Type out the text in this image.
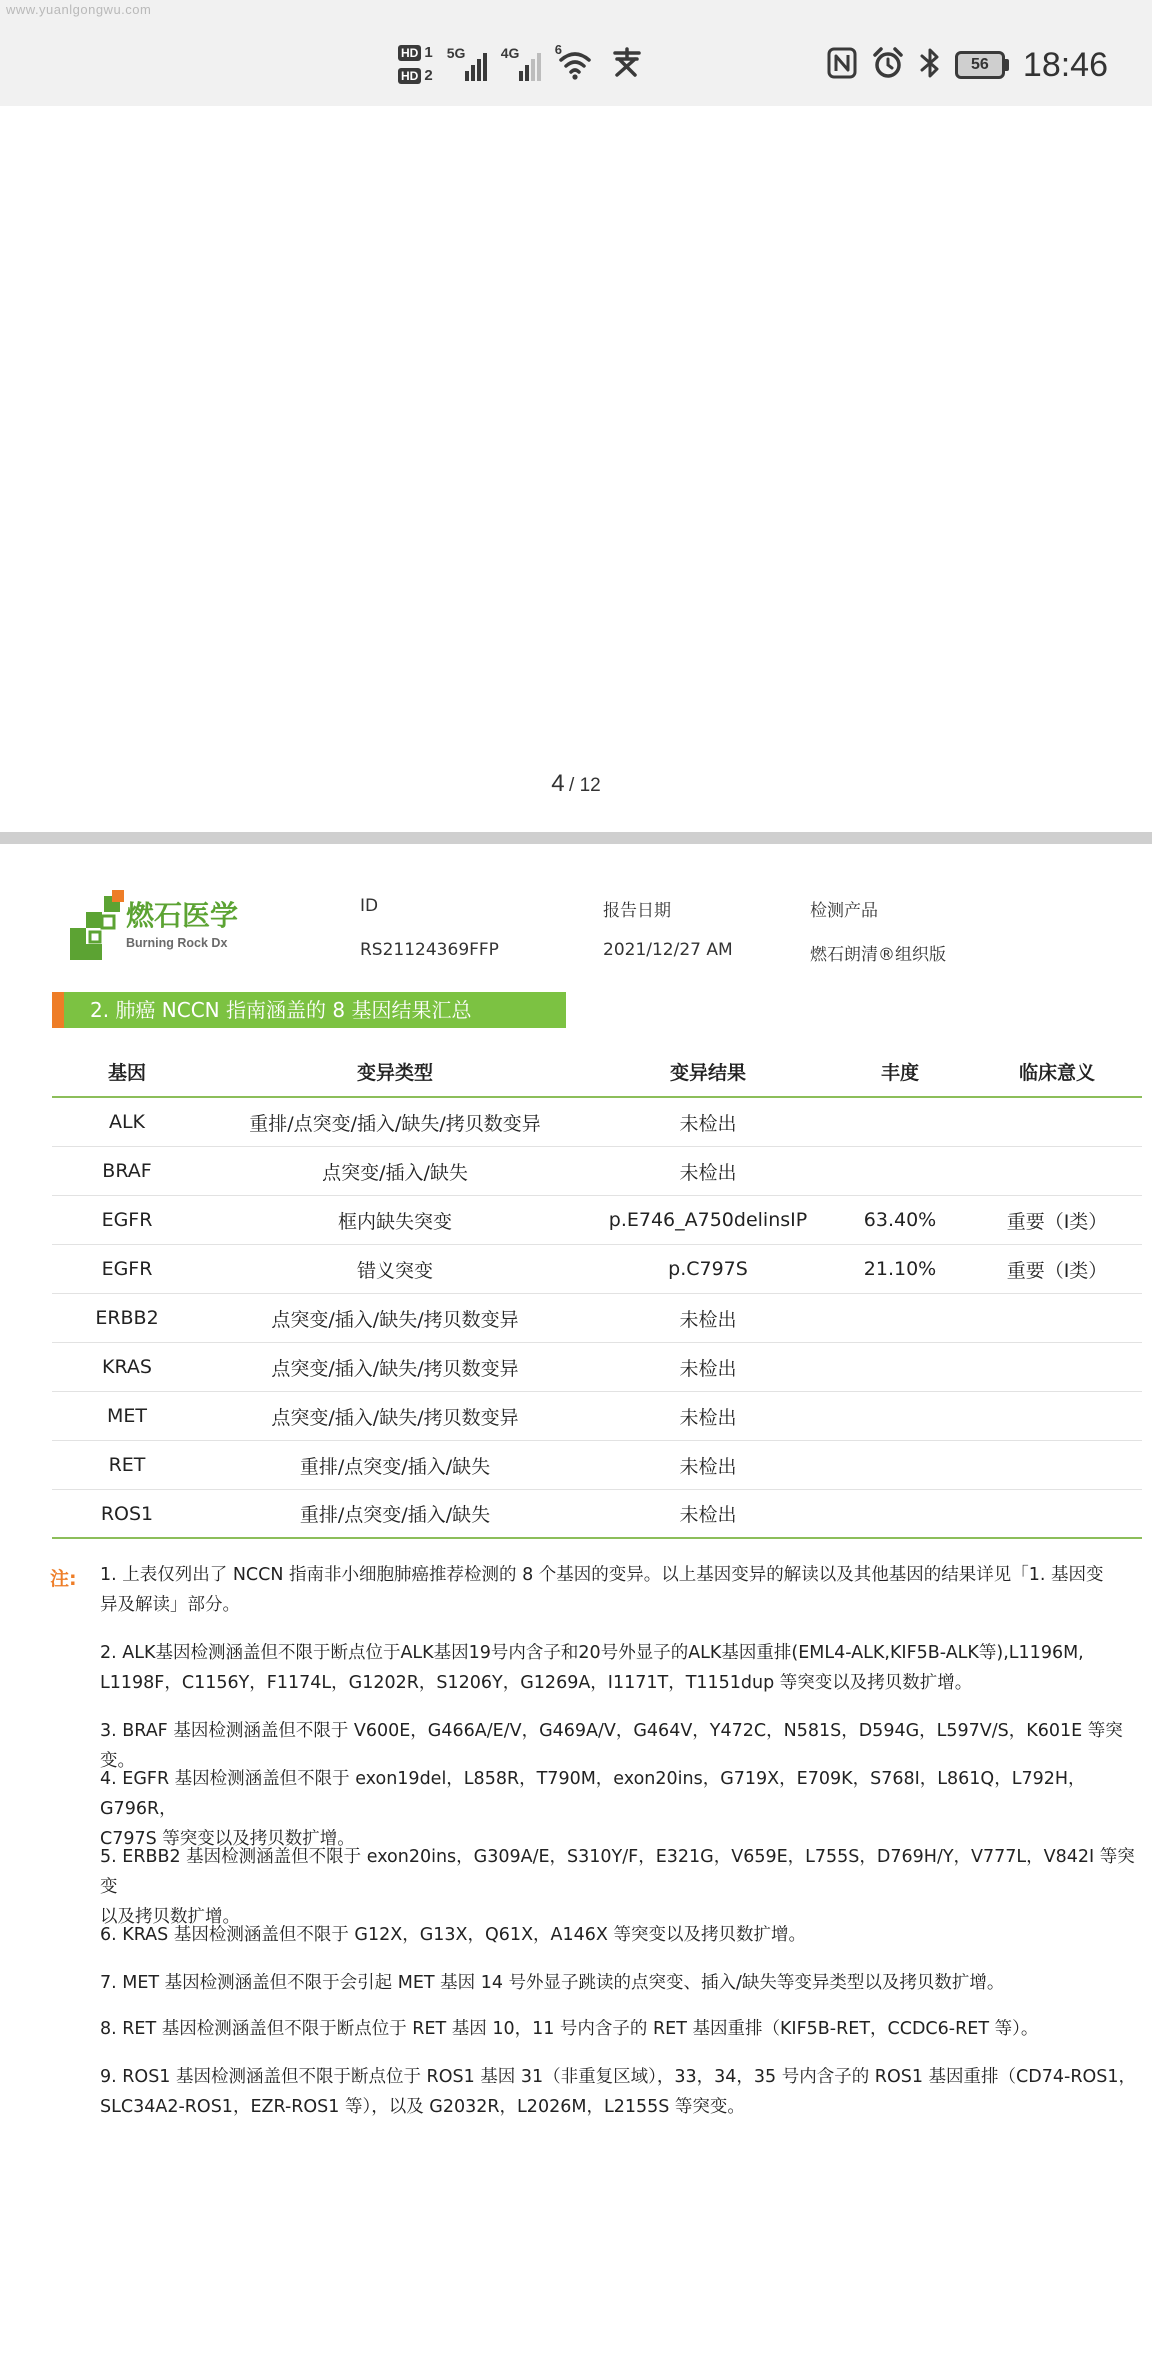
www.yuanlgongwu.com
HD 1
HD 2
5G	4G	6
56	18:46
4 / 12
燃石医学
Burning Rock Dx
ID
RS21124369FFP
报告日期
2021/12/27 AM
检测产品
燃石朗清®组织版
2. 肺癌 NCCN 指南涵盖的 8 基因结果汇总
基因	变异类型	变异结果	丰度	临床意义
ALK	重排/点突变/插入/缺失/拷贝数变异	未检出
BRAF	点突变/插入/缺失	未检出
EGFR	框内缺失突变	p.E746_A750delinsIP	63.40%	重要（Ⅰ类）
EGFR	错义突变	p.C797S	21.10%	重要（Ⅰ类）
ERBB2	点突变/插入/缺失/拷贝数变异	未检出
KRAS	点突变/插入/缺失/拷贝数变异	未检出
MET	点突变/插入/缺失/拷贝数变异	未检出
RET	重排/点突变/插入/缺失	未检出
ROS1	重排/点突变/插入/缺失	未检出
注: 1. 上表仅列出了 NCCN 指南非小细胞肺癌推荐检测的 8 个基因的变异。以上基因变异的解读以及其他基因的结果详见「1. 基因变
异及解读」部分。
2. ALK基因检测涵盖但不限于断点位于ALK基因19号内含子和20号外显子的ALK基因重排(EML4-ALK,KIF5B-ALK等),L1196M,
L1198F，C1156Y，F1174L，G1202R，S1206Y，G1269A，I1171T，T1151dup 等突变以及拷贝数扩增。
3. BRAF 基因检测涵盖但不限于 V600E，G466A/E/V，G469A/V，G464V，Y472C，N581S，D594G，L597V/S，K601E 等突变。
4. EGFR 基因检测涵盖但不限于 exon19del，L858R，T790M，exon20ins，G719X，E709K，S768I，L861Q，L792H，G796R，
C797S 等突变以及拷贝数扩增。
5. ERBB2 基因检测涵盖但不限于 exon20ins，G309A/E，S310Y/F，E321G，V659E，L755S，D769H/Y，V777L，V842I 等突变
以及拷贝数扩增。
6. KRAS 基因检测涵盖但不限于 G12X，G13X，Q61X，A146X 等突变以及拷贝数扩增。
7. MET 基因检测涵盖但不限于会引起 MET 基因 14 号外显子跳读的点突变、插入/缺失等变异类型以及拷贝数扩增。
8. RET 基因检测涵盖但不限于断点位于 RET 基因 10，11 号内含子的 RET 基因重排（KIF5B-RET，CCDC6-RET 等）。
9. ROS1 基因检测涵盖但不限于断点位于 ROS1 基因 31（非重复区域），33，34，35 号内含子的 ROS1 基因重排（CD74-ROS1，
SLC34A2-ROS1，EZR-ROS1 等），以及 G2032R，L2026M，L2155S 等突变。
